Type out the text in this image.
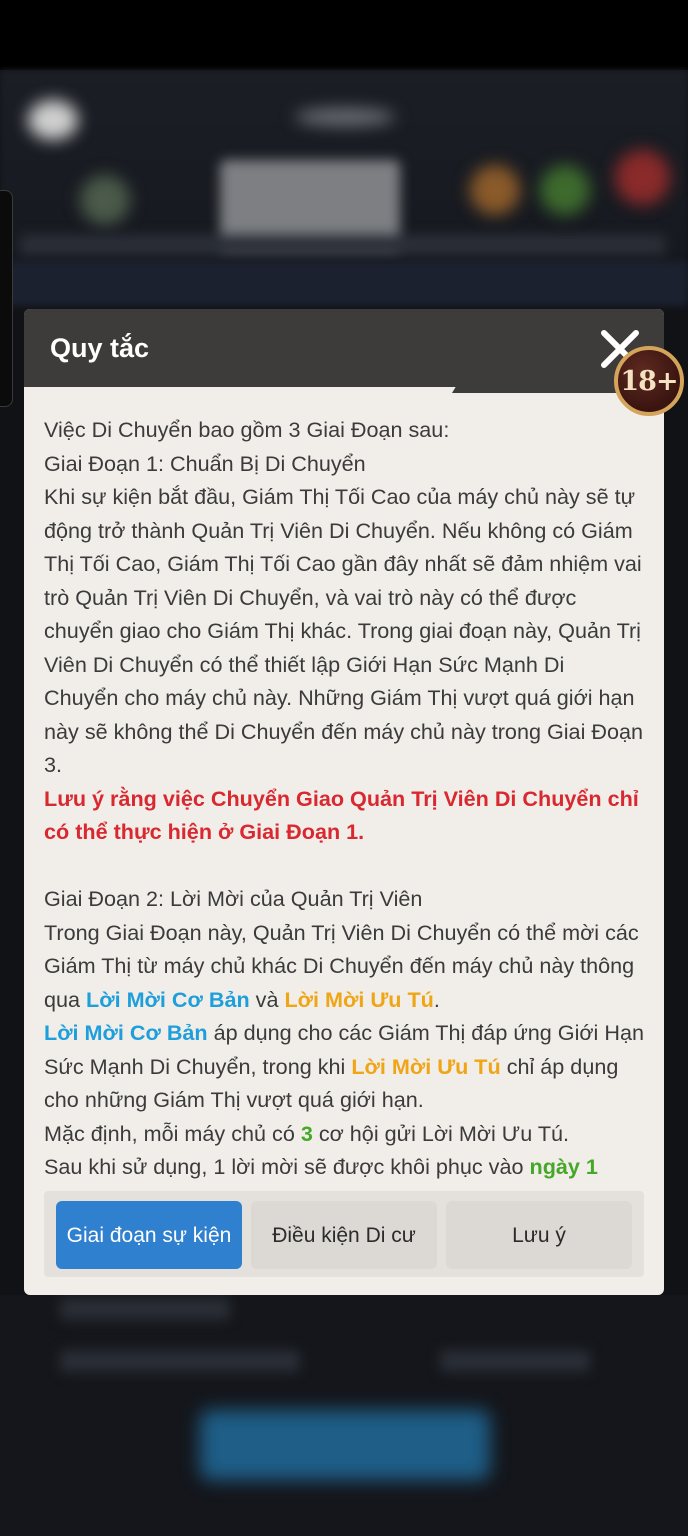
Quy tắc

Việc Di Chuyển bao gồm 3 Giai Đoạn sau:

Giai Đoạn 1: Chuẩn Bị Di Chuyển

Khi sự kiện bắt đầu, Giám Thị Tối Cao của máy chủ này sẽ tự động trở thành Quản Trị Viên Di Chuyển. Nếu không có Giám Thị Tối Cao, Giám Thị Tối Cao gần đây nhất sẽ đảm nhiệm vai trò Quản Trị Viên Di Chuyển, và vai trò này có thể được chuyển giao cho Giám Thị khác. Trong giai đoạn này, Quản Trị Viên Di Chuyển có thể thiết lập Giới Hạn Sức Mạnh Di Chuyển cho máy chủ này. Những Giám Thị vượt quá giới hạn này sẽ không thể Di Chuyển đến máy chủ này trong Giai Đoạn 3.

Lưu ý rằng việc Chuyển Giao Quản Trị Viên Di Chuyển chỉ có thể thực hiện ở Giai Đoạn 1.

Giai Đoạn 2: Lời Mời của Quản Trị Viên

Trong Giai Đoạn này, Quản Trị Viên Di Chuyển có thể mời các Giám Thị từ máy chủ khác Di Chuyển đến máy chủ này thông qua Lời Mời Cơ Bản và Lời Mời Ưu Tú.

Lời Mời Cơ Bản áp dụng cho các Giám Thị đáp ứng Giới Hạn Sức Mạnh Di Chuyển, trong khi Lời Mời Ưu Tú chỉ áp dụng cho những Giám Thị vượt quá giới hạn.

Mặc định, mỗi máy chủ có 3 cơ hội gửi Lời Mời Ưu Tú.

Sau khi sử dụng, 1 lời mời sẽ được khôi phục vào ngày 1

Giai đoạn sự kiện	Điều kiện Di cư	Lưu ý
18+
